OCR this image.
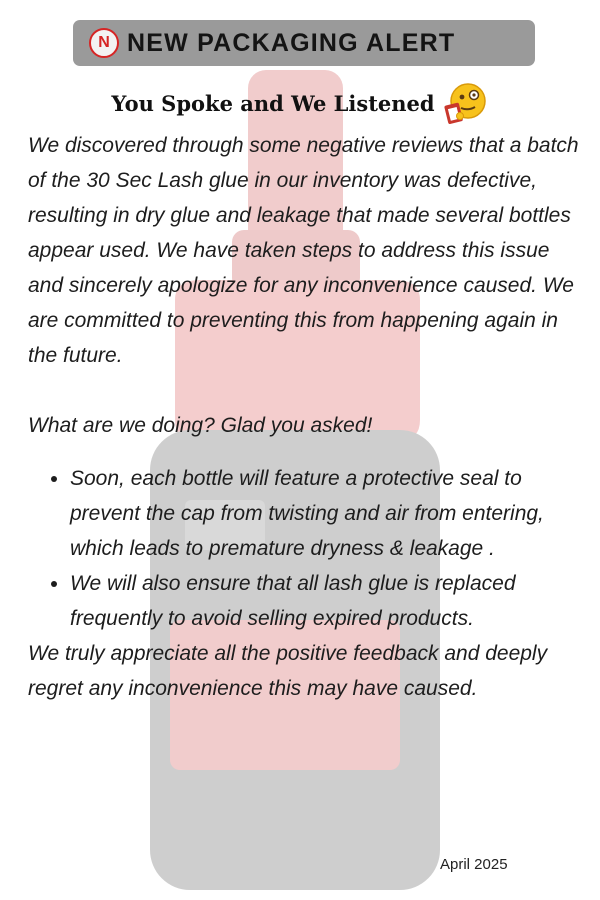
N NEW PACKAGING ALERT
You Spoke and We Listened

We discovered through some negative reviews that a batch of the 30 Sec Lash glue in our inventory was defective, resulting in dry glue and leakage that made several bottles appear used. We have taken steps to address this issue and sincerely apologize for any inconvenience caused. We are committed to preventing this from happening again in the future.

What are we doing? Glad you asked!

• Soon, each bottle will feature a protective seal to prevent the cap from twisting and air from entering, which leads to premature dryness & leakage .
• We will also ensure that all lash glue is replaced frequently to avoid selling expired products.

We truly appreciate all the positive feedback and deeply regret any inconvenience this may have caused.

April 2025
